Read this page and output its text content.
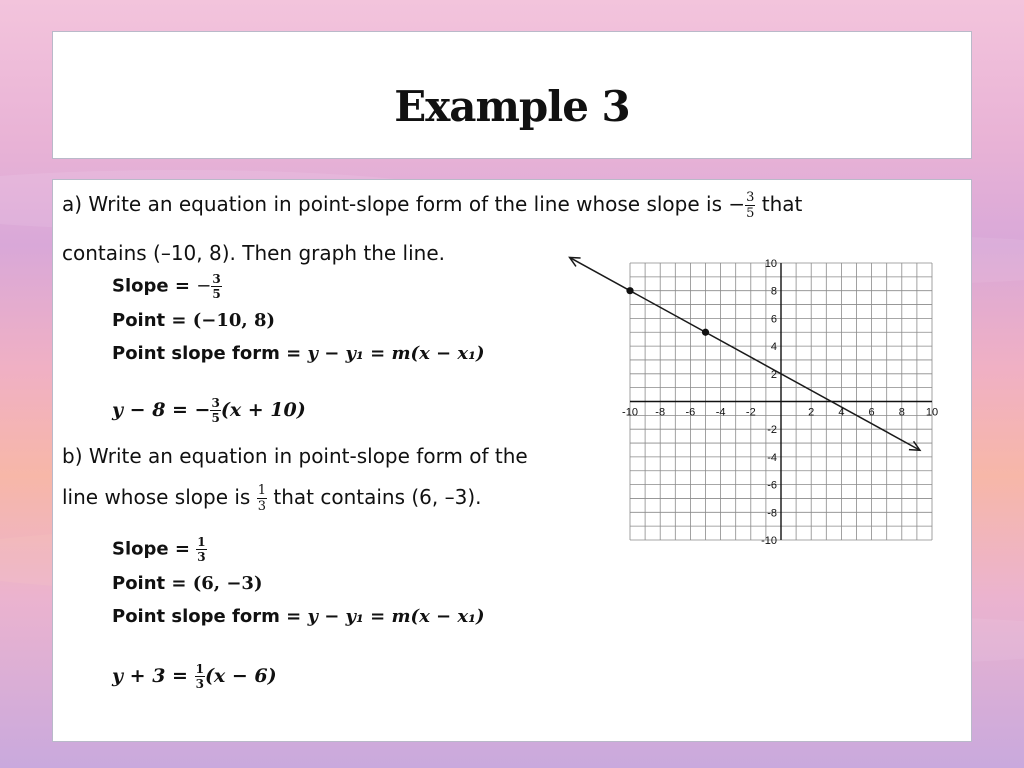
Example 3
a) Write an equation in point-slope form of the line whose slope is − $\frac{3}{5}$ that
contains (–10, 8). Then graph the line.
Slope = − $\frac{3}{5}$
Point = (−10, 8)
Point slope form = y − y₁ = m(x − x₁)
y − 8 = − $\frac{3}{5} (x + 10)$
b) Write an equation in point-slope form of the
line whose slope is $\frac{1}{3}$ that contains (6, –3).
Slope = $\frac{1}{3}$
Point = (6, −3)
Point slope form = y − y₁ = m(x − x₁)
$y + 3 = \frac{1}{3} (x - 6)$
-10 -8 -6 -4 -2	2 4 6 8 10
10
8
6
4
2
-2
-4
-6
-8
-10
